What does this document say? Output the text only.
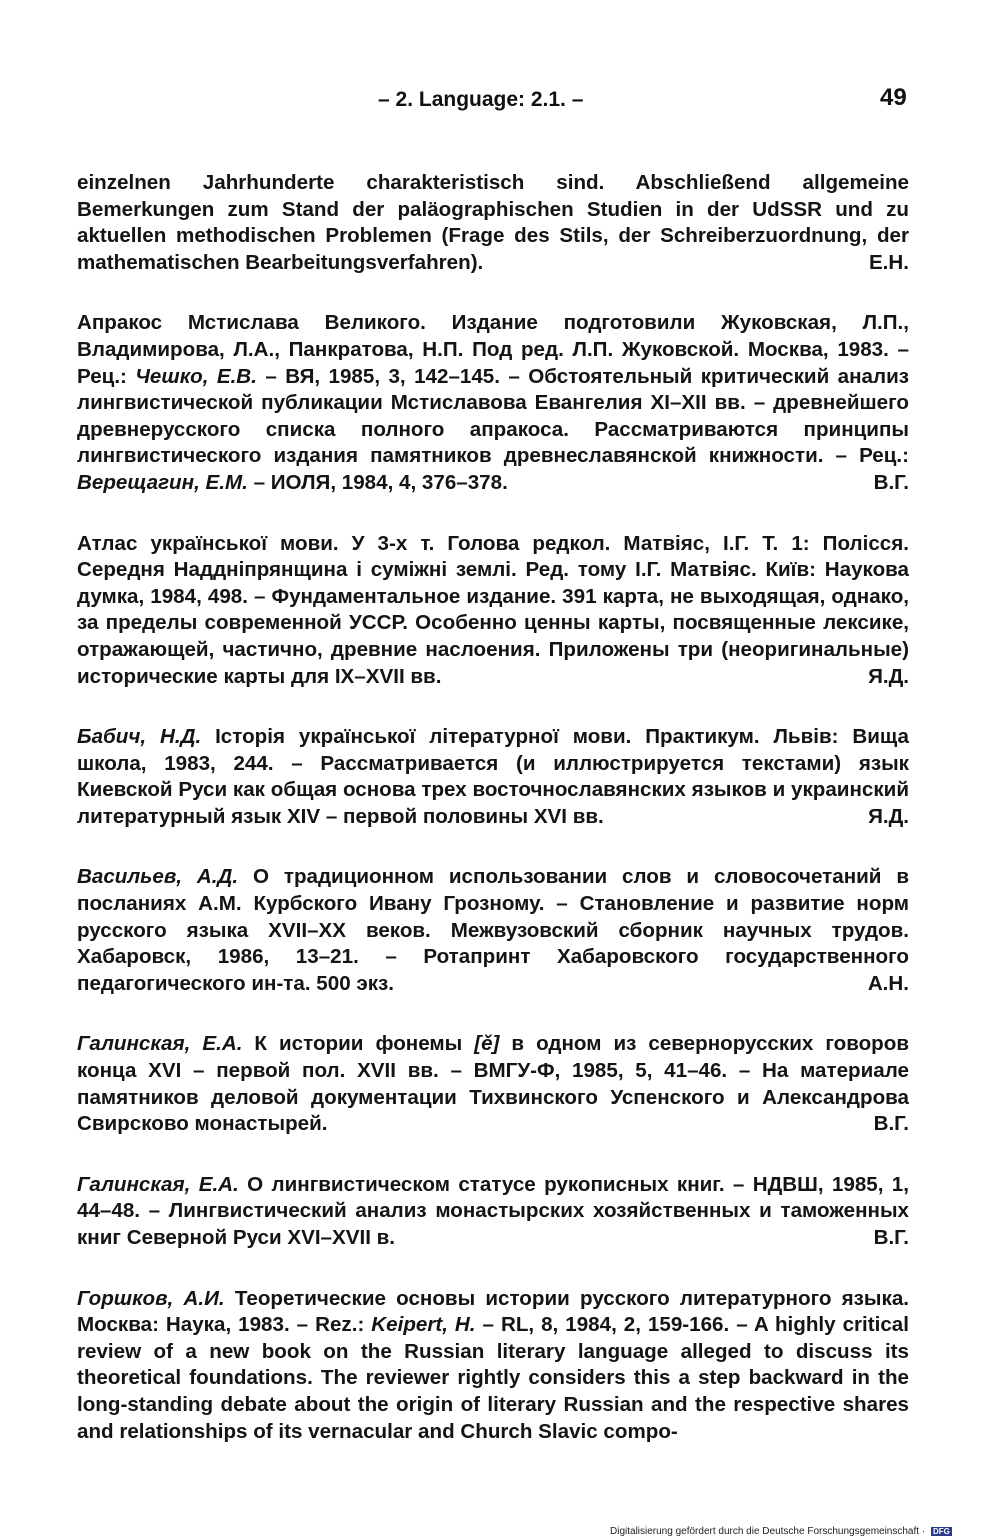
– 2. Language: 2.1. –	49

einzelnen Jahrhunderte charakteristisch sind. Abschließend allgemeine Bemerkungen zum Stand der paläographischen Studien in der UdSSR und zu aktuellen methodischen Problemen (Frage des Stils, der Schreiberzuordnung, der mathematischen Bearbeitungsverfahren).	E.H.

Апракос Мстислава Великого. Издание подготовили Жуковская, Л.П., Владимирова, Л.А., Панкратова, Н.П. Под ред. Л.П. Жуковской. Москва, 1983. – Рец.: Чешко, Е.В. – ВЯ, 1985, 3, 142–145. – Обстоятельный критический анализ лингвистической публикации Мстиславова Евангелия XI–XII вв. – древнейшего древнерусского списка полного апракоса. Рассматриваются принципы лингвистического издания памятников древнеславянской книжности. – Рец.: Верещагин, Е.М. – ИОЛЯ, 1984, 4, 376–378.	В.Г.

Атлас української мови. У 3-х т. Голова редкол. Матвіяс, І.Г. Т. 1: Полісся. Середня Наддніпрянщина і суміжні землі. Ред. тому І.Г. Матвіяс. Київ: Наукова думка, 1984, 498. – Фундаментальное издание. 391 карта, не выходящая, однако, за пределы современной УССР. Особенно ценны карты, посвященные лексике, отражающей, частично, древние наслоения. Приложены три (неоригинальные) исторические карты для IX–XVII вв.	Я.Д.

Бабич, Н.Д. Історія української літературної мови. Практикум. Львів: Вища школа, 1983, 244. – Рассматривается (и иллюстрируется текстами) язык Киевской Руси как общая основа трех восточнославянских языков и украинский литературный язык XIV – первой половины XVI вв.	Я.Д.

Васильев, А.Д. О традиционном использовании слов и словосочетаний в посланиях А.М. Курбского Ивану Грозному. – Становление и развитие норм русского языка XVII–XX веков. Межвузовский сборник научных трудов. Хабаровск, 1986, 13–21. – Ротапринт Хабаровского государственного педагогического ин-та. 500 экз.	А.Н.

Галинская, Е.А. К истории фонемы [ě] в одном из севернорусских говоров конца XVI – первой пол. XVII вв. – ВМГУ-Ф, 1985, 5, 41–46. – На материале памятников деловой документации Тихвинского Успенского и Александрова Свирсково монастырей.	В.Г.

Галинская, Е.А. О лингвистическом статусе рукописных книг. – НДВШ, 1985, 1, 44–48. – Лингвистический анализ монастырских хозяйственных и таможенных книг Северной Руси XVI–XVII в.	В.Г.

Горшков, А.И. Теоретические основы истории русского литературного языка. Москва: Наука, 1983. – Rez.: Keipert, H. – RL, 8, 1984, 2, 159-166. – A highly critical review of a new book on the Russian literary language alleged to discuss its theoretical foundations. The reviewer rightly considers this a step backward in the long-standing debate about the origin of literary Russian and the respective shares and relationships of its vernacular and Church Slavic compo-

Digitalisierung gefördert durch die Deutsche Forschungsgemeinschaft · DFG
